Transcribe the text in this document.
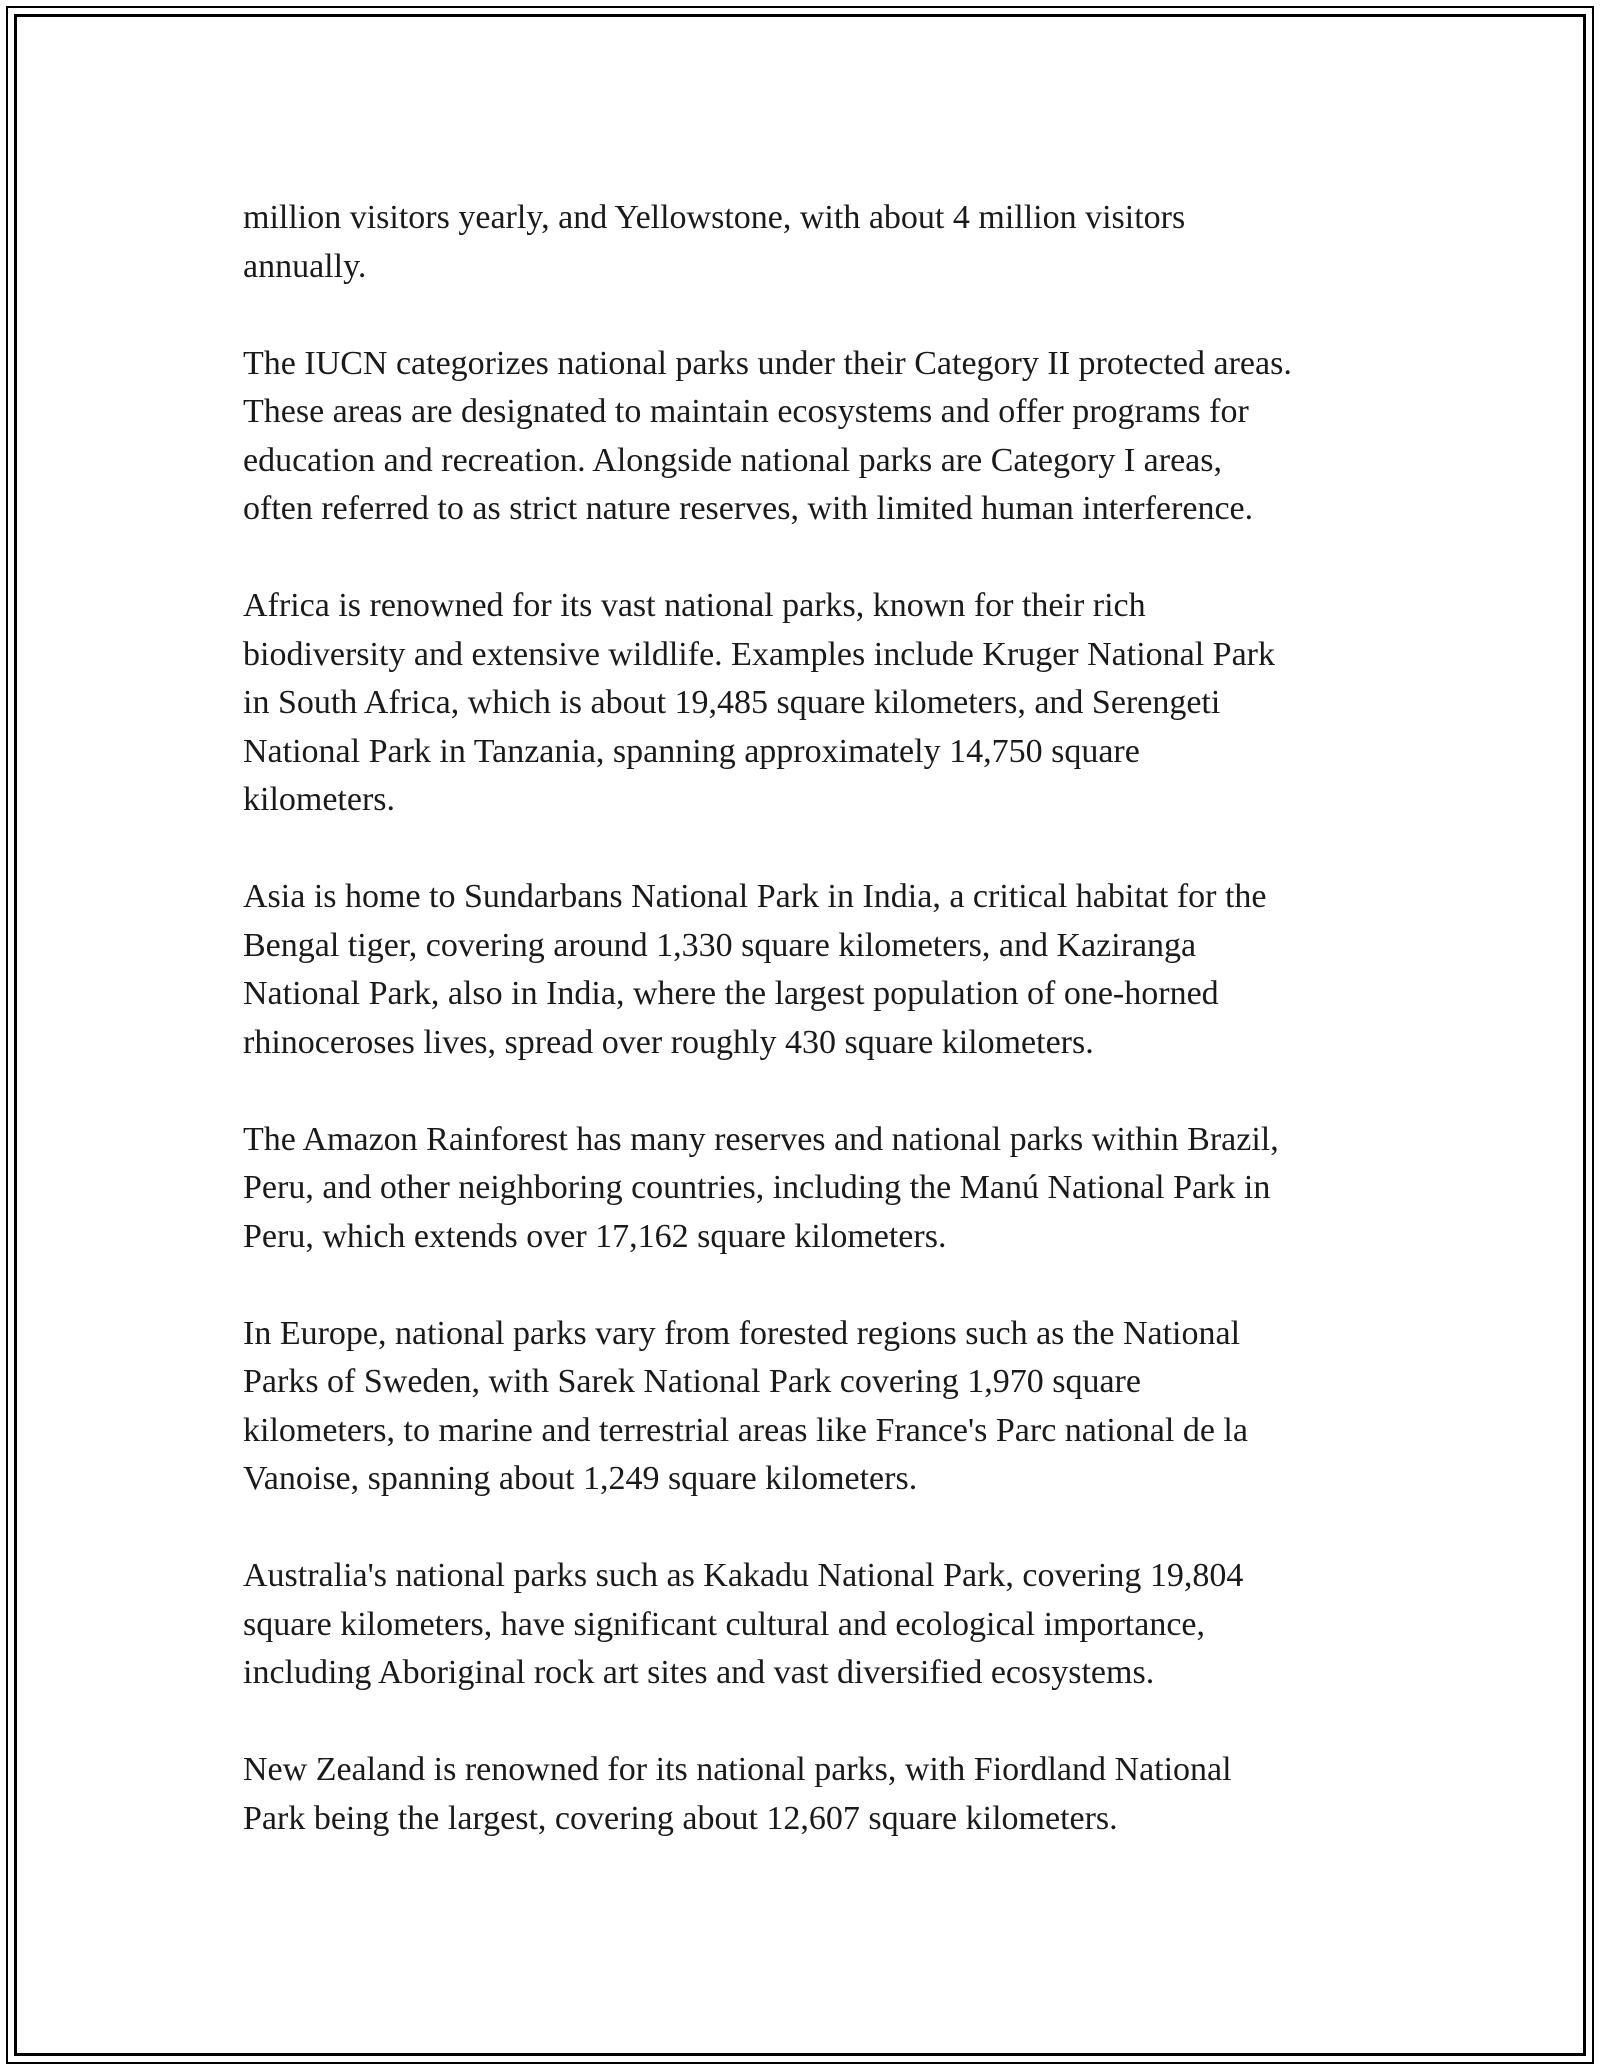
million visitors yearly, and Yellowstone, with about 4 million visitors
annually.

The IUCN categorizes national parks under their Category II protected areas.
These areas are designated to maintain ecosystems and offer programs for
education and recreation. Alongside national parks are Category I areas,
often referred to as strict nature reserves, with limited human interference.

Africa is renowned for its vast national parks, known for their rich
biodiversity and extensive wildlife. Examples include Kruger National Park
in South Africa, which is about 19,485 square kilometers, and Serengeti
National Park in Tanzania, spanning approximately 14,750 square
kilometers.

Asia is home to Sundarbans National Park in India, a critical habitat for the
Bengal tiger, covering around 1,330 square kilometers, and Kaziranga
National Park, also in India, where the largest population of one-horned
rhinoceroses lives, spread over roughly 430 square kilometers.

The Amazon Rainforest has many reserves and national parks within Brazil,
Peru, and other neighboring countries, including the Manú National Park in
Peru, which extends over 17,162 square kilometers.

In Europe, national parks vary from forested regions such as the National
Parks of Sweden, with Sarek National Park covering 1,970 square
kilometers, to marine and terrestrial areas like France's Parc national de la
Vanoise, spanning about 1,249 square kilometers.

Australia's national parks such as Kakadu National Park, covering 19,804
square kilometers, have significant cultural and ecological importance,
including Aboriginal rock art sites and vast diversified ecosystems.

New Zealand is renowned for its national parks, with Fiordland National
Park being the largest, covering about 12,607 square kilometers.
